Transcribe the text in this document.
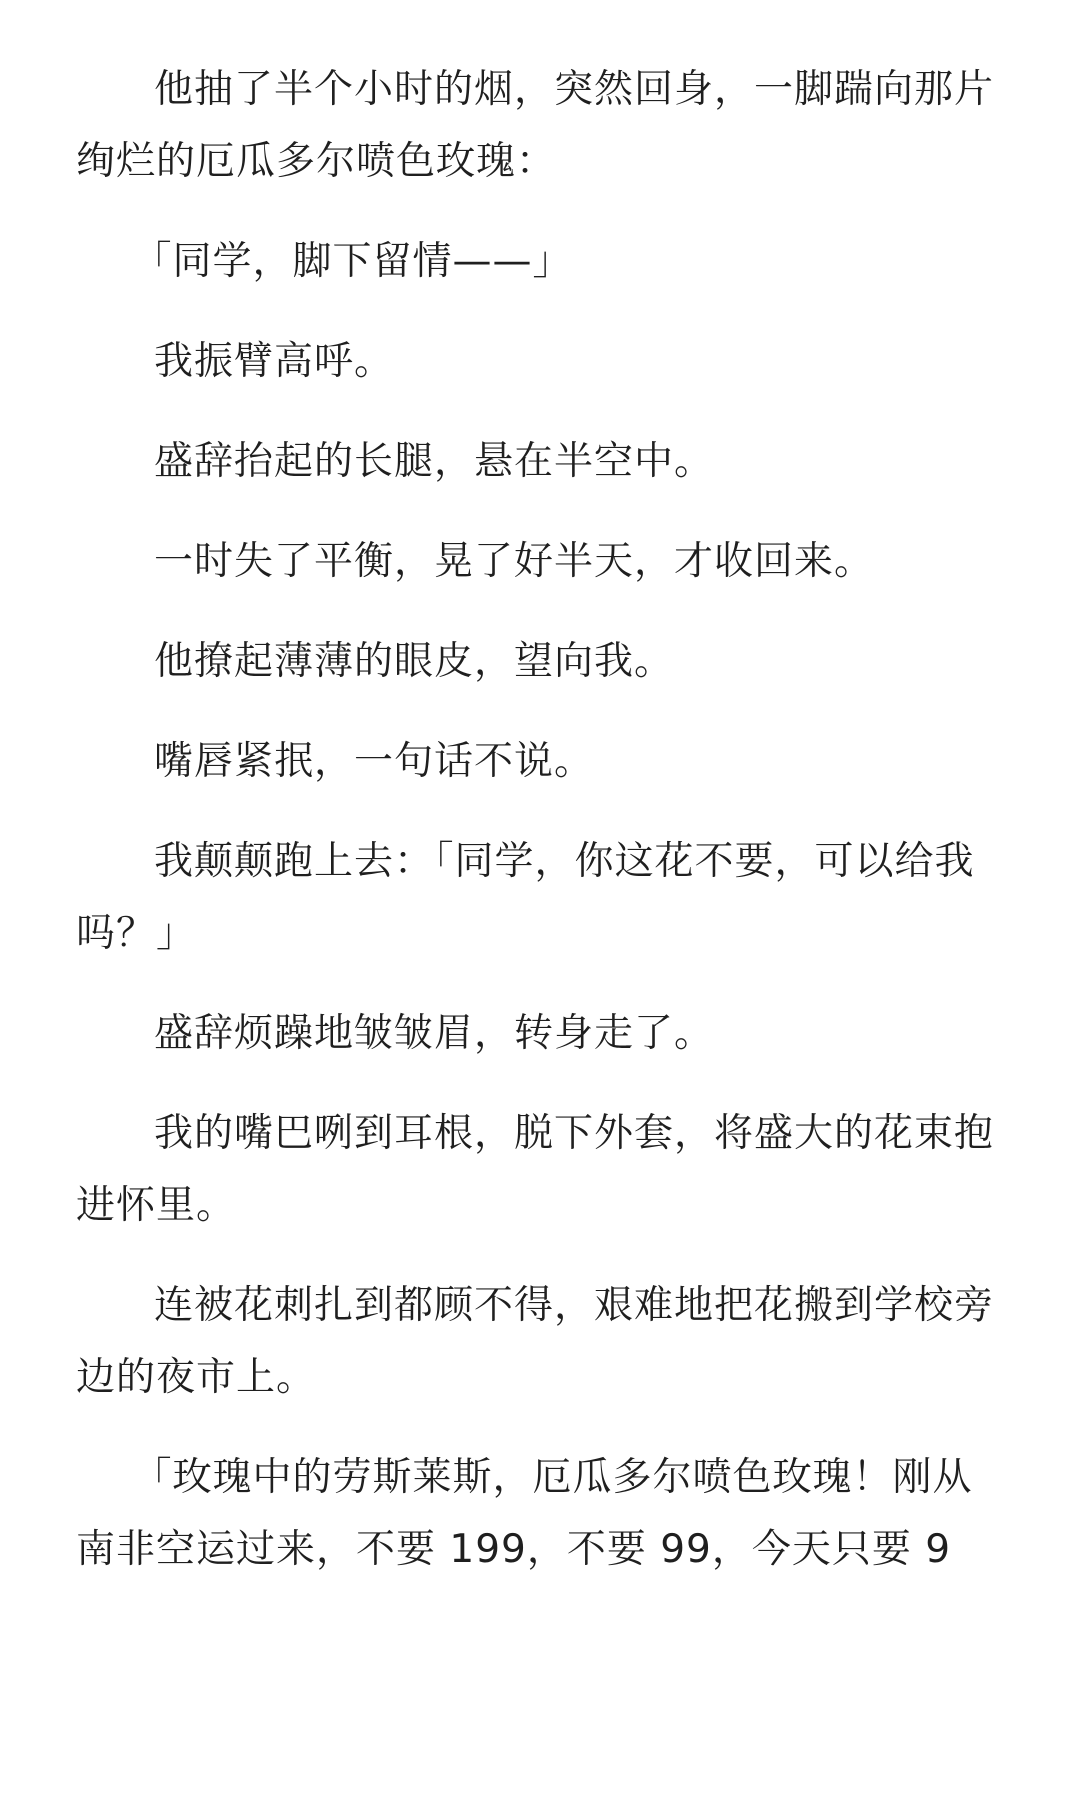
他抽了半个小时的烟，突然回身，一脚踹向那片绚烂的厄瓜多尔喷色玫瑰：

「同学，脚下留情——」

我振臂高呼。

盛辞抬起的长腿，悬在半空中。

一时失了平衡，晃了好半天，才收回来。

他撩起薄薄的眼皮，望向我。

嘴唇紧抿，一句话不说。

我颠颠跑上去：「同学，你这花不要，可以给我吗？」

盛辞烦躁地皱皱眉，转身走了。

我的嘴巴咧到耳根，脱下外套，将盛大的花束抱进怀里。

连被花刺扎到都顾不得，艰难地把花搬到学校旁边的夜市上。

「玫瑰中的劳斯莱斯，厄瓜多尔喷色玫瑰！刚从南非空运过来，不要 199，不要 99，今天只要 9
